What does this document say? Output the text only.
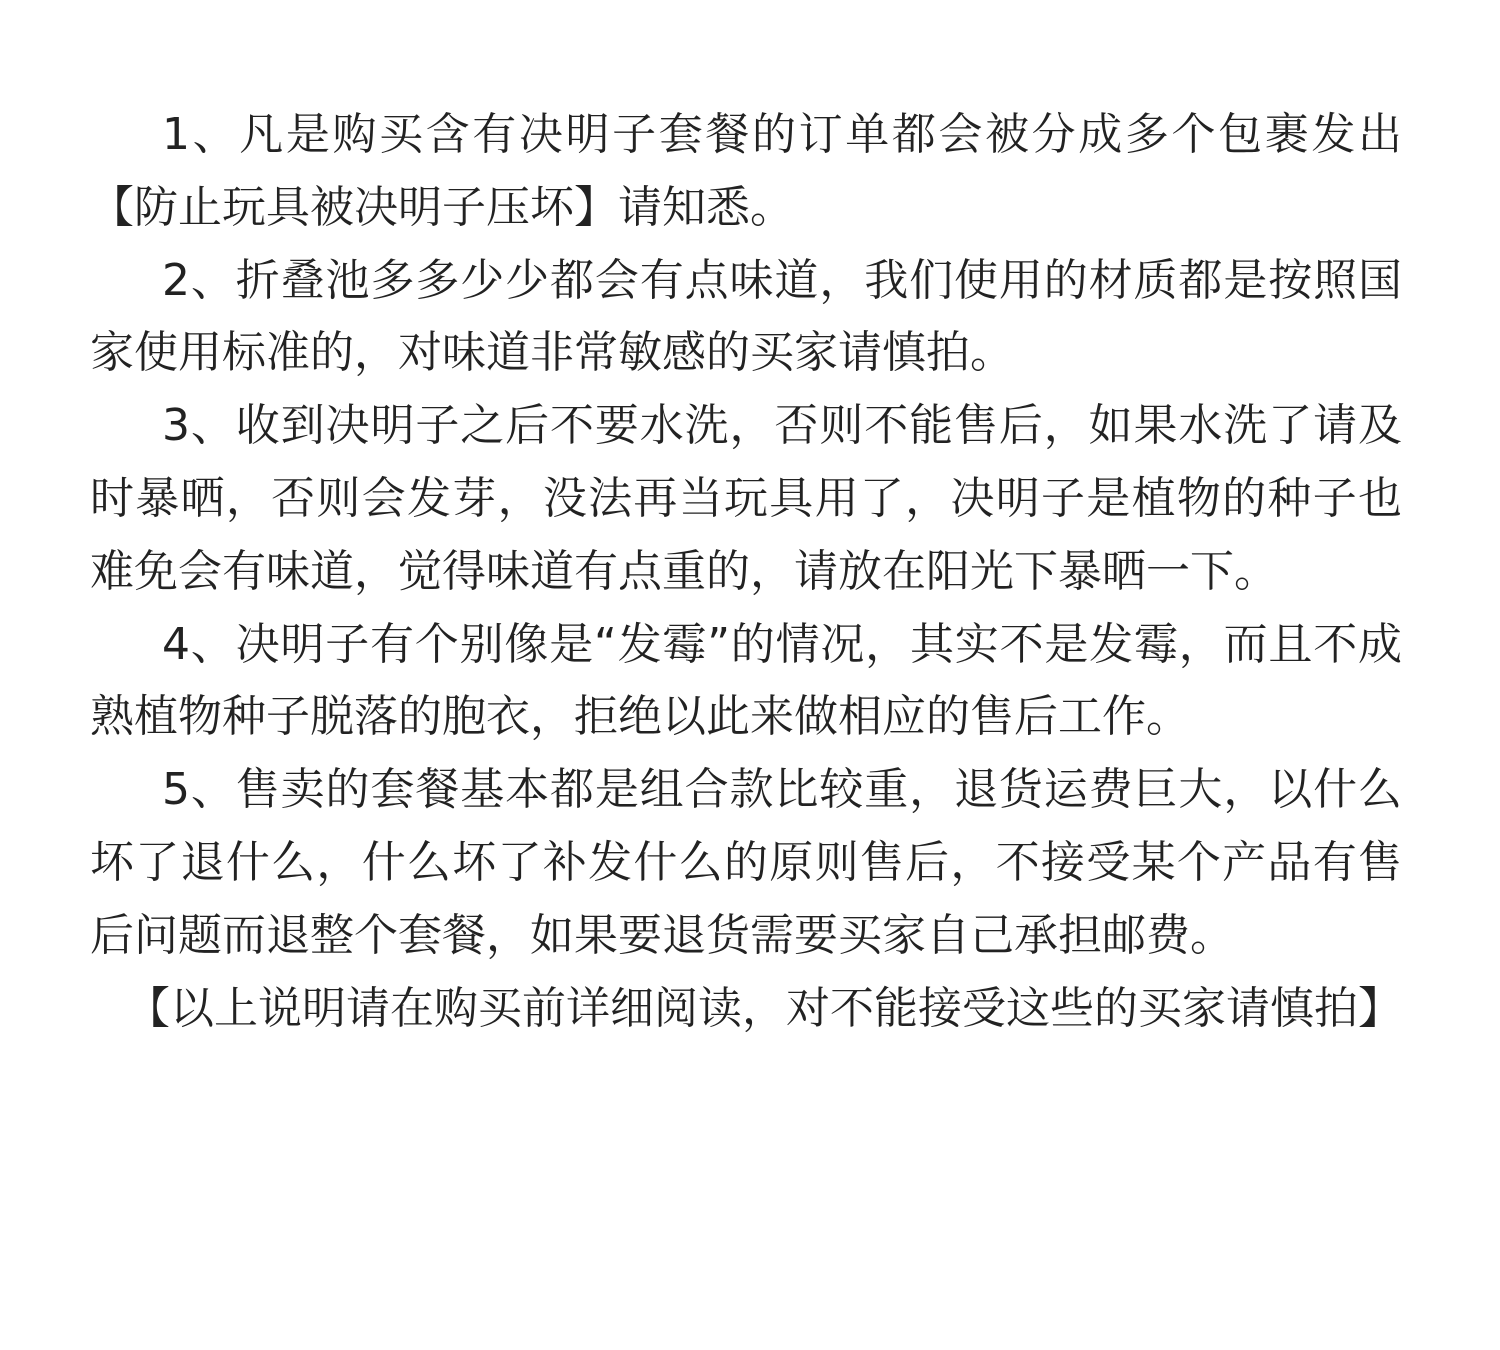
1、凡是购买含有决明子套餐的订单都会被分成多个包裹发出【防止玩具被决明子压坏】请知悉。

2、折叠池多多少少都会有点味道，我们使用的材质都是按照国家使用标准的，对味道非常敏感的买家请慎拍。

3、收到决明子之后不要水洗，否则不能售后，如果水洗了请及时暴晒，否则会发芽，没法再当玩具用了，决明子是植物的种子也难免会有味道，觉得味道有点重的，请放在阳光下暴晒一下。

4、决明子有个别像是“发霉”的情况，其实不是发霉，而且不成熟植物种子脱落的胞衣，拒绝以此来做相应的售后工作。

5、售卖的套餐基本都是组合款比较重，退货运费巨大，以什么坏了退什么，什么坏了补发什么的原则售后，不接受某个产品有售后问题而退整个套餐，如果要退货需要买家自己承担邮费。

【以上说明请在购买前详细阅读，对不能接受这些的买家请慎拍】
